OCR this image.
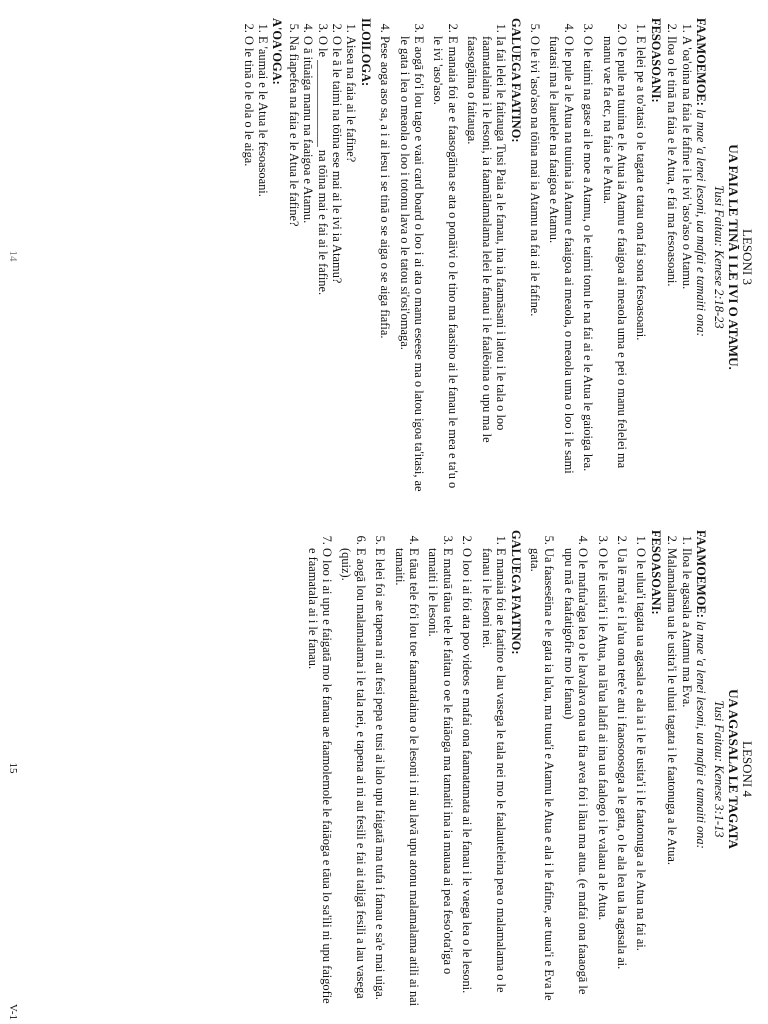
LESONI 3

UA FAIA LE TINĀ I LE IVI O ATAMU.

Tusi Faitau: Kenese 2:18-23

FAAMOEMOE: la mae 'a lenei lesoni, ua mafai e tamaiti ona:

1. A 'oa'oina na faia le fafine i le ivi 'aso'aso o Atamu.
2. Iloa o le tinā na faia e le Atua, e fai ma fesoasoani.

FESOASOANI:

1. E lelei pe a to'atasi o le tagata e tatau ona fai sona fesoasoani.
2. O le pule na tuuina e le Atua ia Atamu e faaigoa ai meaola uma e pei o manu felelei ma manu vae fa etc, na faia e le Atua.
3. O le taimi na gase ai le moe a Atamu, o le taimi tonu le na fai ai e le Atua le gaioiga lea.
4. O le pule a le Atua na tuuina ia Atamu e faaigoa ai meaola, o meaola uma o loo i le sami fuatasi ma le lauelele na faaigoa e Atamu.
5. O le ivi 'aso'aso na tōina mai ia Atamu na fai ai le fafine.

GALUEGA FAATINO:

1. Ia fai lelei le faitauga Tusi Paia a le fanau, ina ia faamāsani i latou i le tala o loo faamatalaina i le lesoni, ia faamālamalama lelei le fanau i le faalēoina o upu ma le faasogāina o faitauga.
2. E manaia foi ae e faasogāina se ata o ponāivi o le tino ma faasino ai le fanau le mea e ta'u o le ivi 'aso'aso.
3. E aogā fo'i lou tago e vaai card board o loo i ai ata o manu eseese ma o latou igoa ta'itasi, ae le gata i lea o meaola o loo i totonu lava o le tatou si'osi'omaga.
4. Pese aoga aso sa, a i ai lesu i se tinā o se aiga o se aiga fiafia.

ILOILOGA:

1. Aisea na faia ai le fafine?
2. O le ā le taimi na tōina ese mai ai le ivi ia Atamu?
3. O le ______________ na tōina mai e fai ai le fafine.
4. O ā itūaiga manu na faaigoa e Atamu.
5. Na fiapefea na faia e le Atua le fafine?

A'OA'OGA:

1. E 'aumai e le Atua le fesoasoani.
2. O le tinā o le ola o le aiga.
14

LESONI 4

UA AGASALA LE TAGATA

Tusi Faitau: Kenese 3:1-13

FAAMOEMOE: la mae 'a lenei lesoni, ua mafai e tamaiti ona:

1. Iloa le agasala a Atamu ma Eva.
2. Malamalama ua le usita'i le uluai tagata i le faatonuga a le Atua.

FESOASOANI:

1. O le ulua'i tagata ua agasala e ala ia i le lē usita'i i le faatonuga a le Atua na fai ai.
2. Ua lē ma'ai e i la'ua ona tete'e atu i faaosoosoga a le gata, o le ala lea ua la agasala ai.
3. O le lē usita'i i le Atua, na lā'ua lalafi ai ina ua faalogo i le valaau a le Atua.
4. O le mafua'aga lea o le lavalava ona ua fia avea foi i lāua ma atua. (e mafai ona faaaogā le upu mā e faafatigofie mo le fanau)
5. Ua faasesēina e le gata ia la'ua, ma tuua'i e Atamu le Atua e ala i le fafine, ae tuua'i e Eva le gata.

GALUEGA FAATINO:

1. E manaia foi ae faatino e lau vasega le tala nei mo le faalauteleina pea o malamalama o le fanau i le lesoni nei.
2. O loo i ai foi ata poo videos e mafai ona faamatamata ai le fanau i le vaega lea o le lesoni.
3. E matuā tāua tele le faitau o oe le faiāoga ma tamaiti ina ia mauaa ai pea feso'ota'iga o tamaiti i le lesoni.
4. E tāua tele fo'i lou toe faamatalaina o le lesoni i ni au lavā upu atonu malamalama atili ai nai tamaiti.
5. E lelei foi ae tapena ni au fesi pepa e tusi ai lalo upu faigatā ma tufa i fanau e sa'e mai uiga.
6. E aogā lou malamalama i le tala nei, e tapena ai ni au fesili e fai ai taligā fesili a lau vasega (quiz).
7. O loo i ai upu e faigatā mo le fanau ae faamolemole le faiāoga e tāua lo sa'ili ni upu faigofie e faamatala ai i le fanau.
15
V-1
